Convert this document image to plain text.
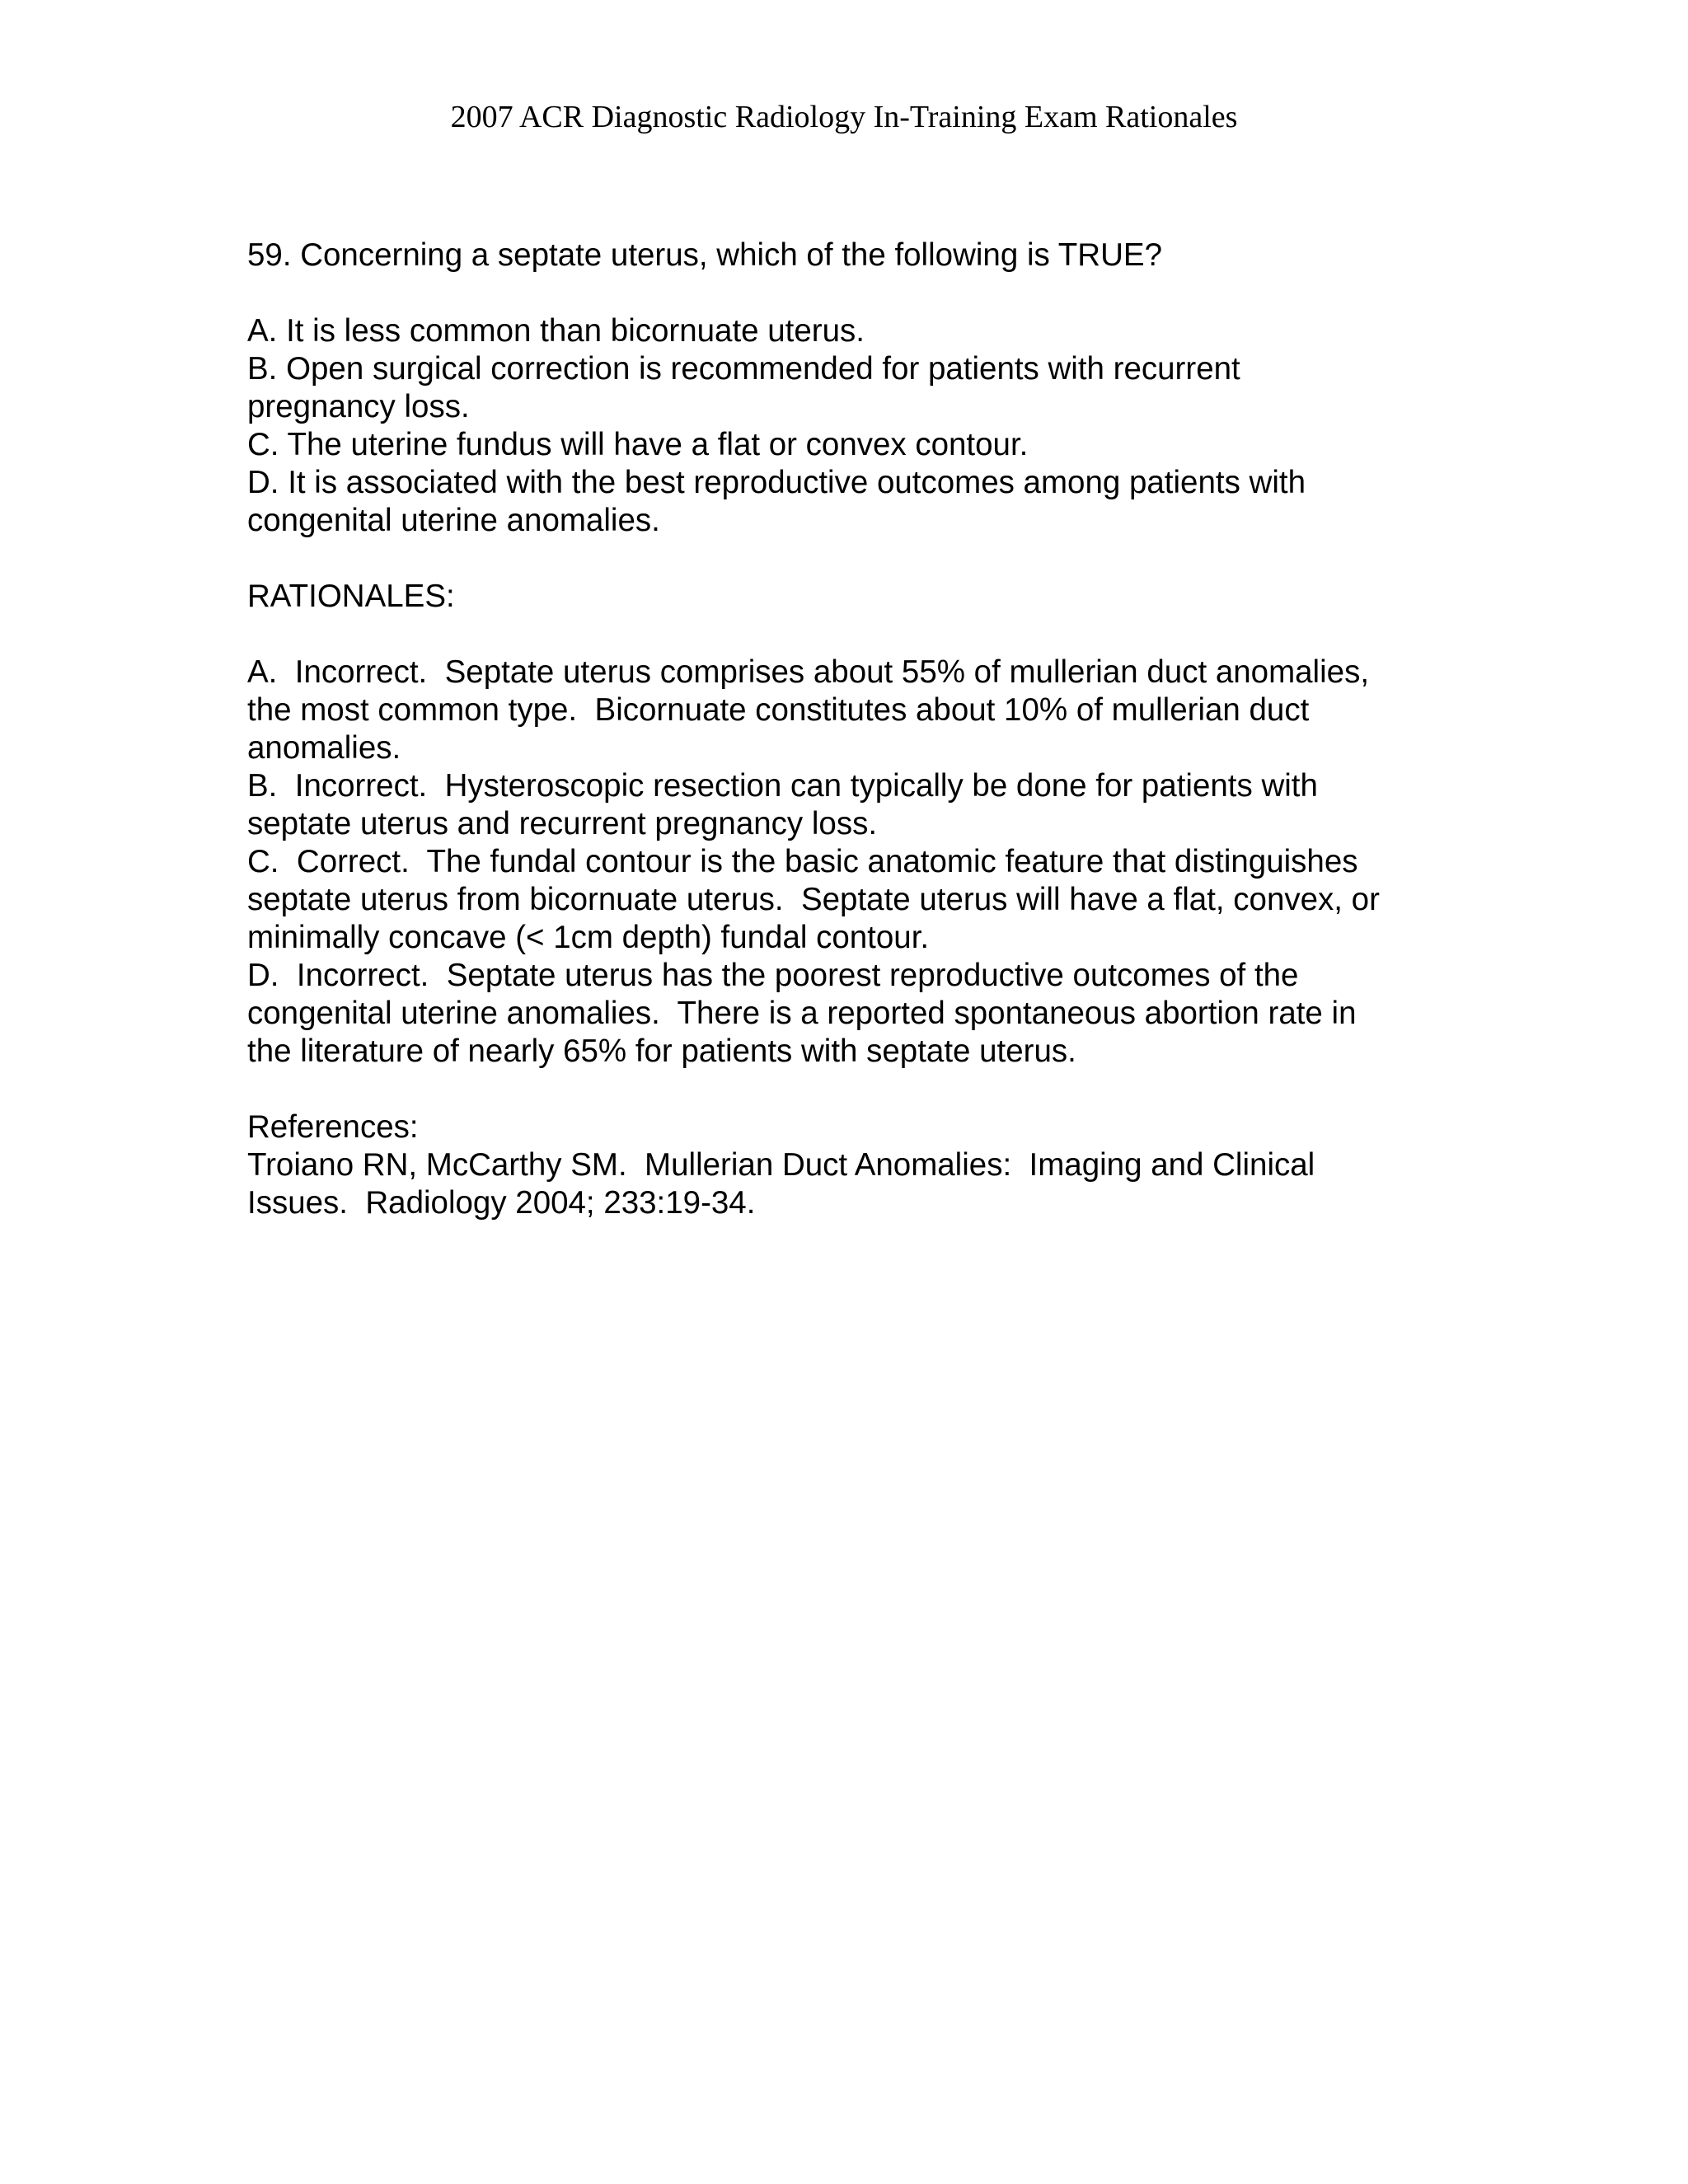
2007 ACR Diagnostic Radiology In-Training Exam Rationales
59. Concerning a septate uterus, which of the following is TRUE?
A. It is less common than bicornuate uterus.
B. Open surgical correction is recommended for patients with recurrent
pregnancy loss.
C. The uterine fundus will have a flat or convex contour.
D. It is associated with the best reproductive outcomes among patients with
congenital uterine anomalies.
RATIONALES:
A.  Incorrect.  Septate uterus comprises about 55% of mullerian duct anomalies,
the most common type.  Bicornuate constitutes about 10% of mullerian duct
anomalies.
B.  Incorrect.  Hysteroscopic resection can typically be done for patients with
septate uterus and recurrent pregnancy loss.
C.  Correct.  The fundal contour is the basic anatomic feature that distinguishes
septate uterus from bicornuate uterus.  Septate uterus will have a flat, convex, or
minimally concave (< 1cm depth) fundal contour.
D.  Incorrect.  Septate uterus has the poorest reproductive outcomes of the
congenital uterine anomalies.  There is a reported spontaneous abortion rate in
the literature of nearly 65% for patients with septate uterus.
References:
Troiano RN, McCarthy SM.  Mullerian Duct Anomalies:  Imaging and Clinical
Issues.  Radiology 2004; 233:19-34.
